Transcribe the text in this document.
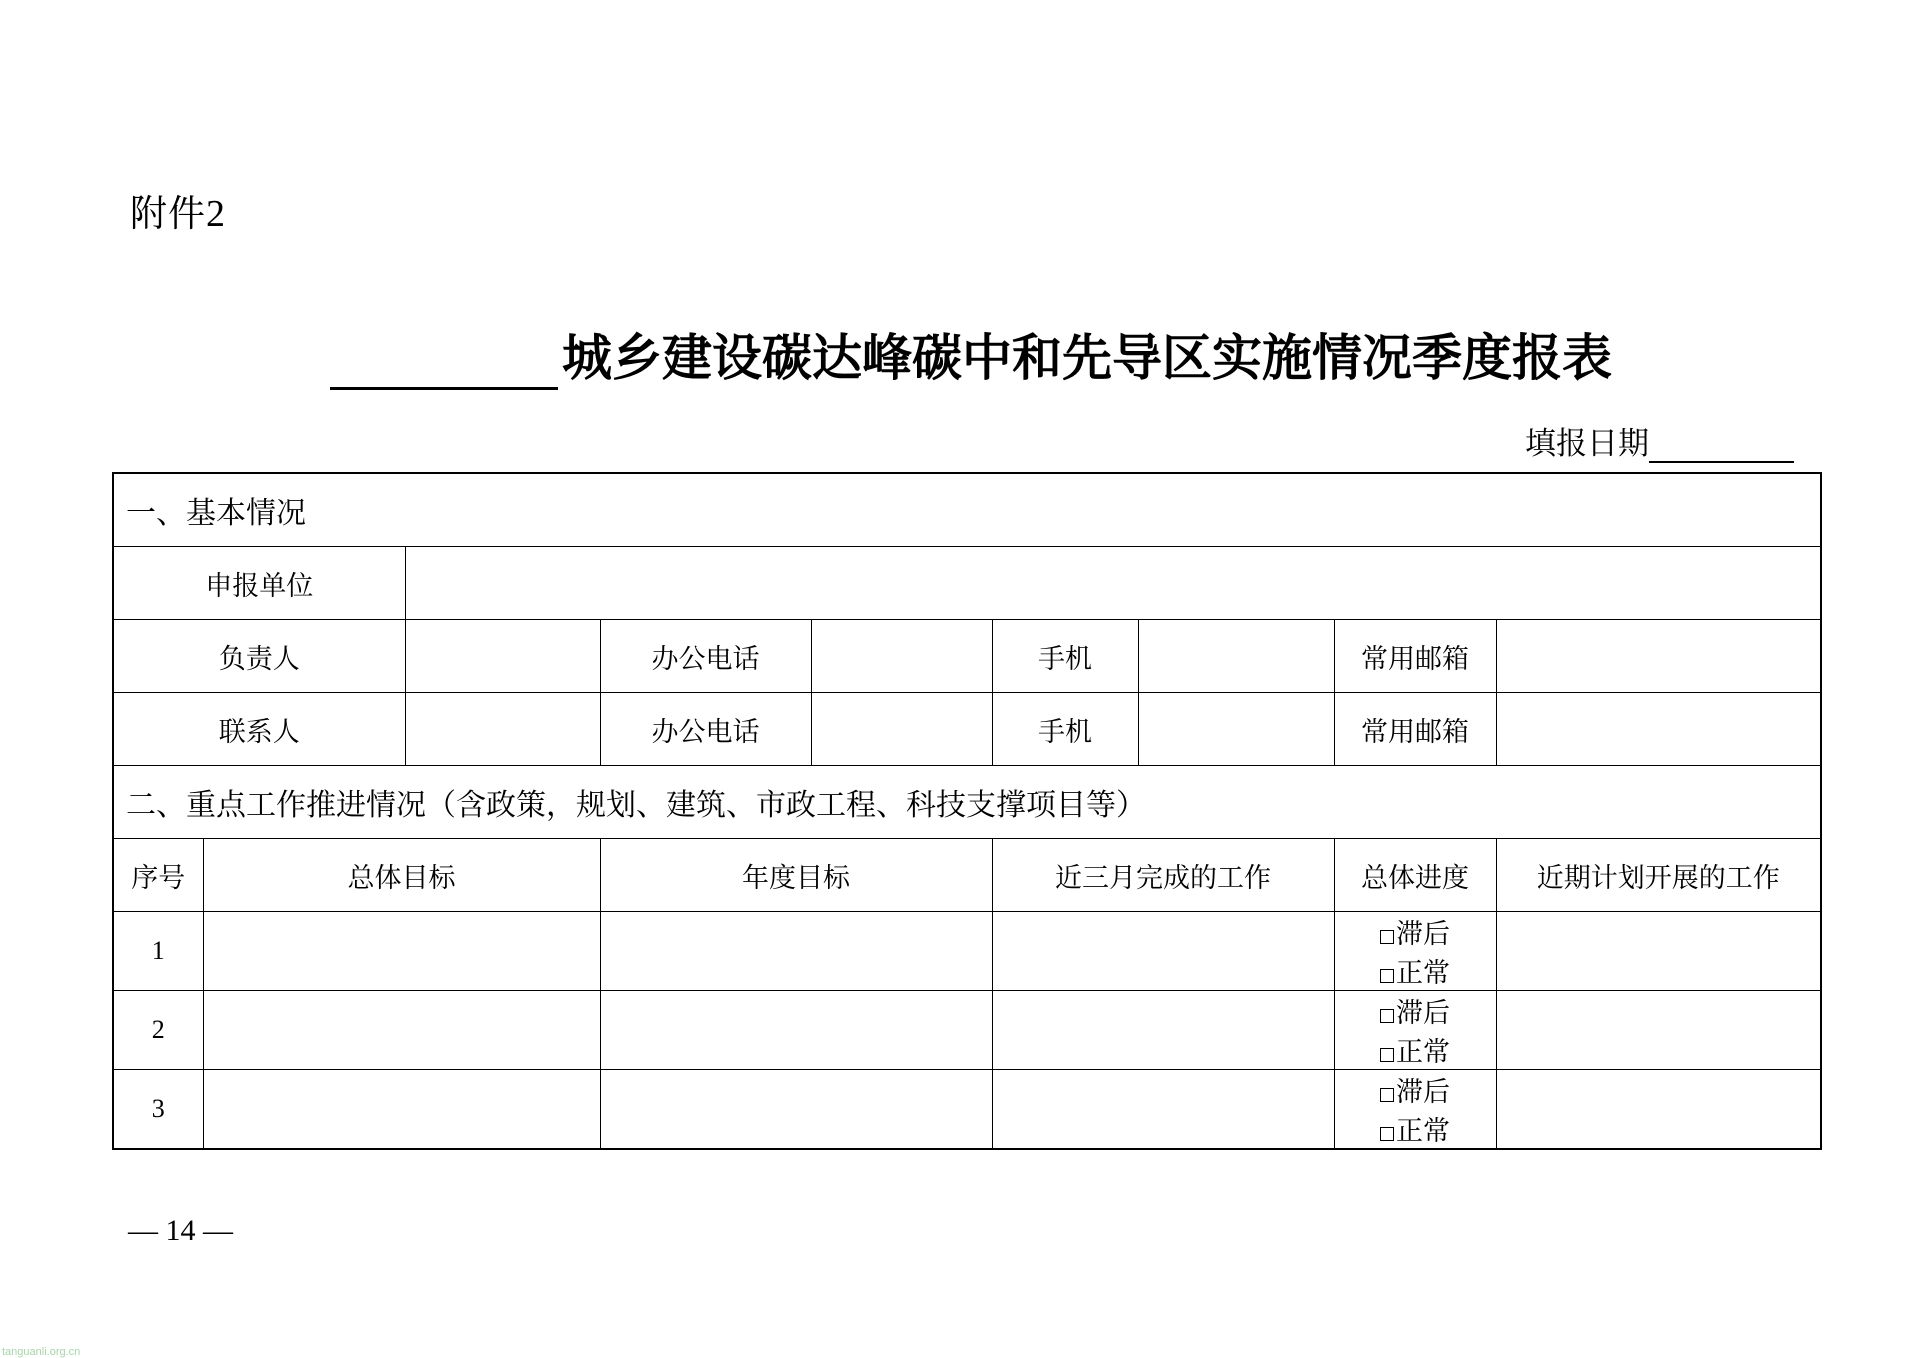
附件2
城乡建设碳达峰碳中和先导区实施情况季度报表
填报日期
一、基本情况								
申报单位								
负责人			办公电话		手机		常用邮箱	
联系人			办公电话		手机		常用邮箱	
二、重点工作推进情况（含政策，规划、建筑、市政工程、科技支撑项目等）								
序号	总体目标		年度目标		近三月完成的工作		总体进度	近期计划开展的工作
1							滞后正常	
2							滞后正常	
3							滞后正常	
— 14 —
tanguanli.org.cn
